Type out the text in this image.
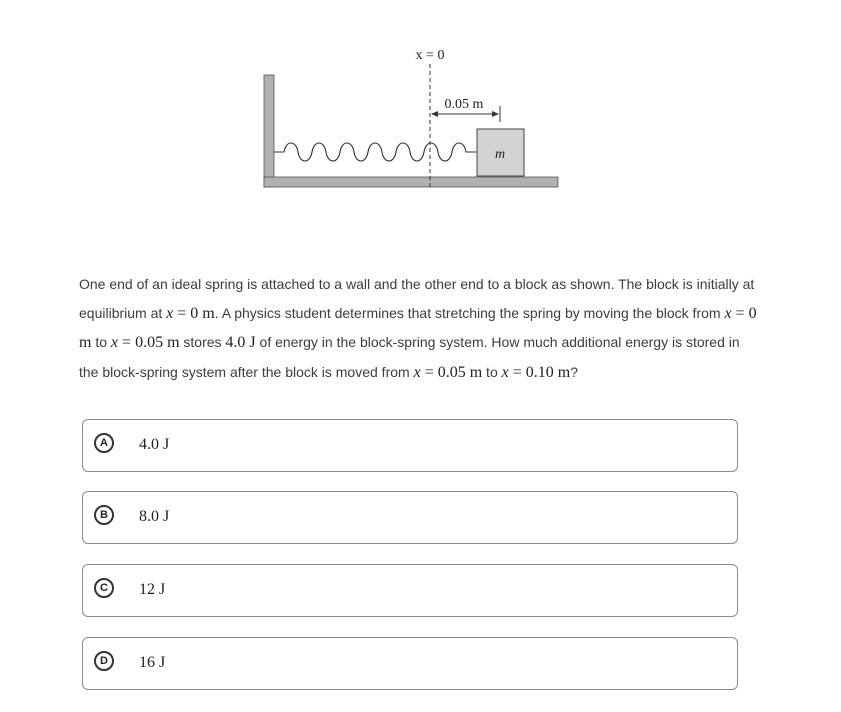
m
x = 0
0.05 m
One end of an ideal spring is attached to a wall and the other end to a block as shown. The block is initially at equilibrium at x = 0 m. A physics student determines that stretching the spring by moving the block from x = 0 m to x = 0.05 m stores 4.0 J of energy in the block-spring system. How much additional energy is stored in the block-spring system after the block is moved from x = 0.05 m to x = 0.10 m?
A	4.0 J
B	8.0 J
C	12 J
D	16 J
